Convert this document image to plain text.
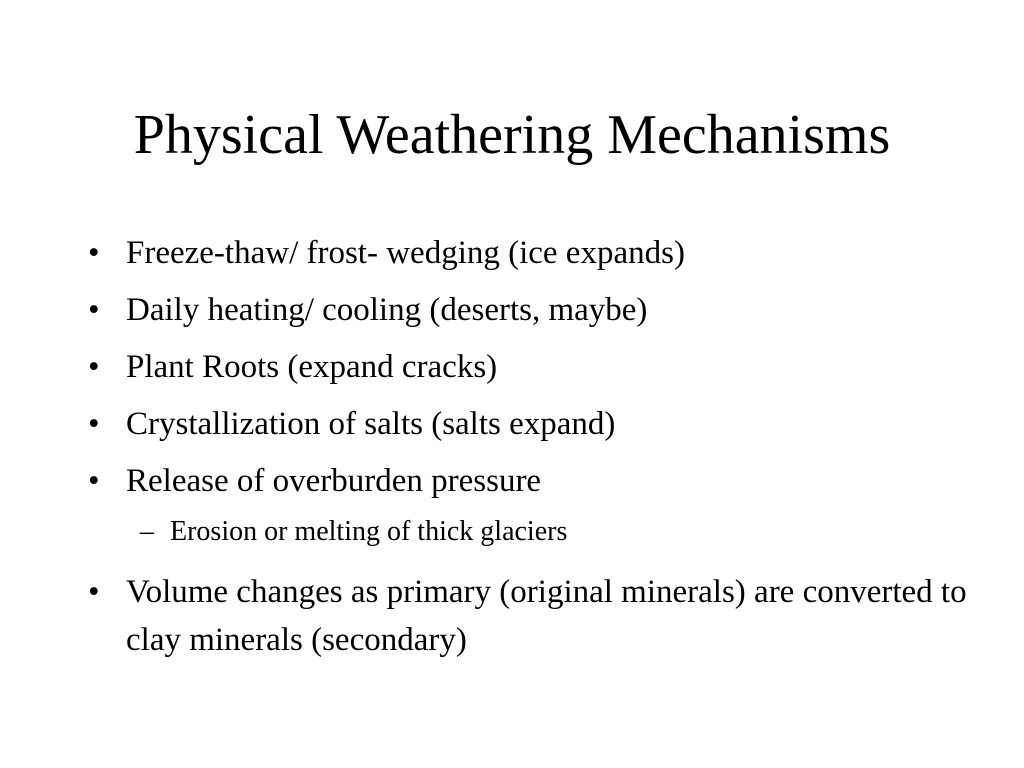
Physical Weathering Mechanisms
• Freeze-thaw/ frost- wedging (ice expands)
• Daily heating/ cooling (deserts, maybe)
• Plant Roots (expand cracks)
• Crystallization of salts (salts expand)
• Release of overburden pressure
– Erosion or melting of thick glaciers
• Volume changes as primary (original minerals) are converted to clay minerals (secondary)
